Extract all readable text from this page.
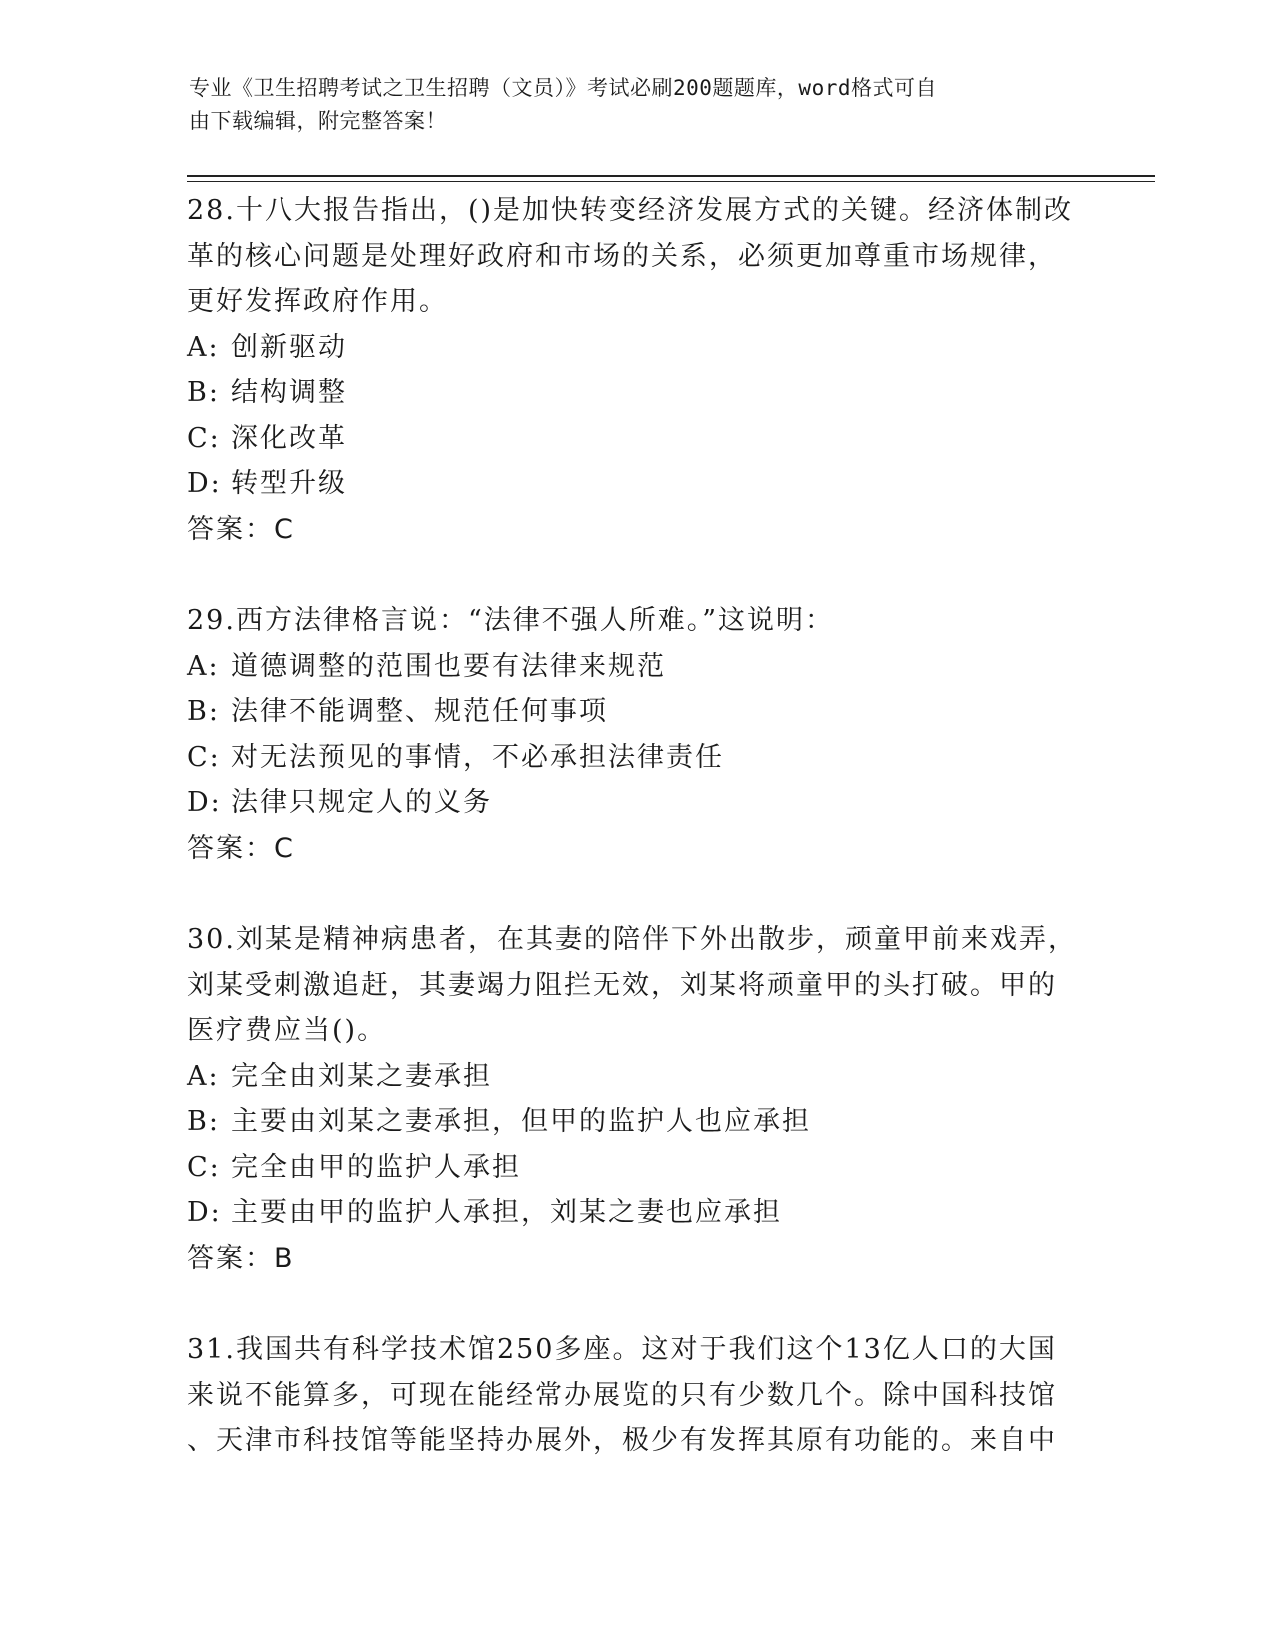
专业《卫生招聘考试之卫生招聘（文员）》考试必刷200题题库，word格式可自
由下载编辑，附完整答案！

28.十八大报告指出，()是加快转变经济发展方式的关键。经济体制改

革的核心问题是处理好政府和市场的关系，必须更加尊重市场规律，

更好发挥政府作用。

A: 创新驱动

B: 结构调整

C: 深化改革

D: 转型升级

答案：C

29.西方法律格言说：“法律不强人所难。”这说明：

A: 道德调整的范围也要有法律来规范

B: 法律不能调整、规范任何事项

C: 对无法预见的事情，不必承担法律责任

D: 法律只规定人的义务

答案：C

30.刘某是精神病患者，在其妻的陪伴下外出散步，顽童甲前来戏弄，

刘某受刺激追赶，其妻竭力阻拦无效，刘某将顽童甲的头打破。甲的

医疗费应当()。

A: 完全由刘某之妻承担

B: 主要由刘某之妻承担，但甲的监护人也应承担

C: 完全由甲的监护人承担

D: 主要由甲的监护人承担，刘某之妻也应承担

答案：B

31.我国共有科学技术馆250多座。这对于我们这个13亿人口的大国

来说不能算多，可现在能经常办展览的只有少数几个。除中国科技馆

、天津市科技馆等能坚持办展外，极少有发挥其原有功能的。来自中
